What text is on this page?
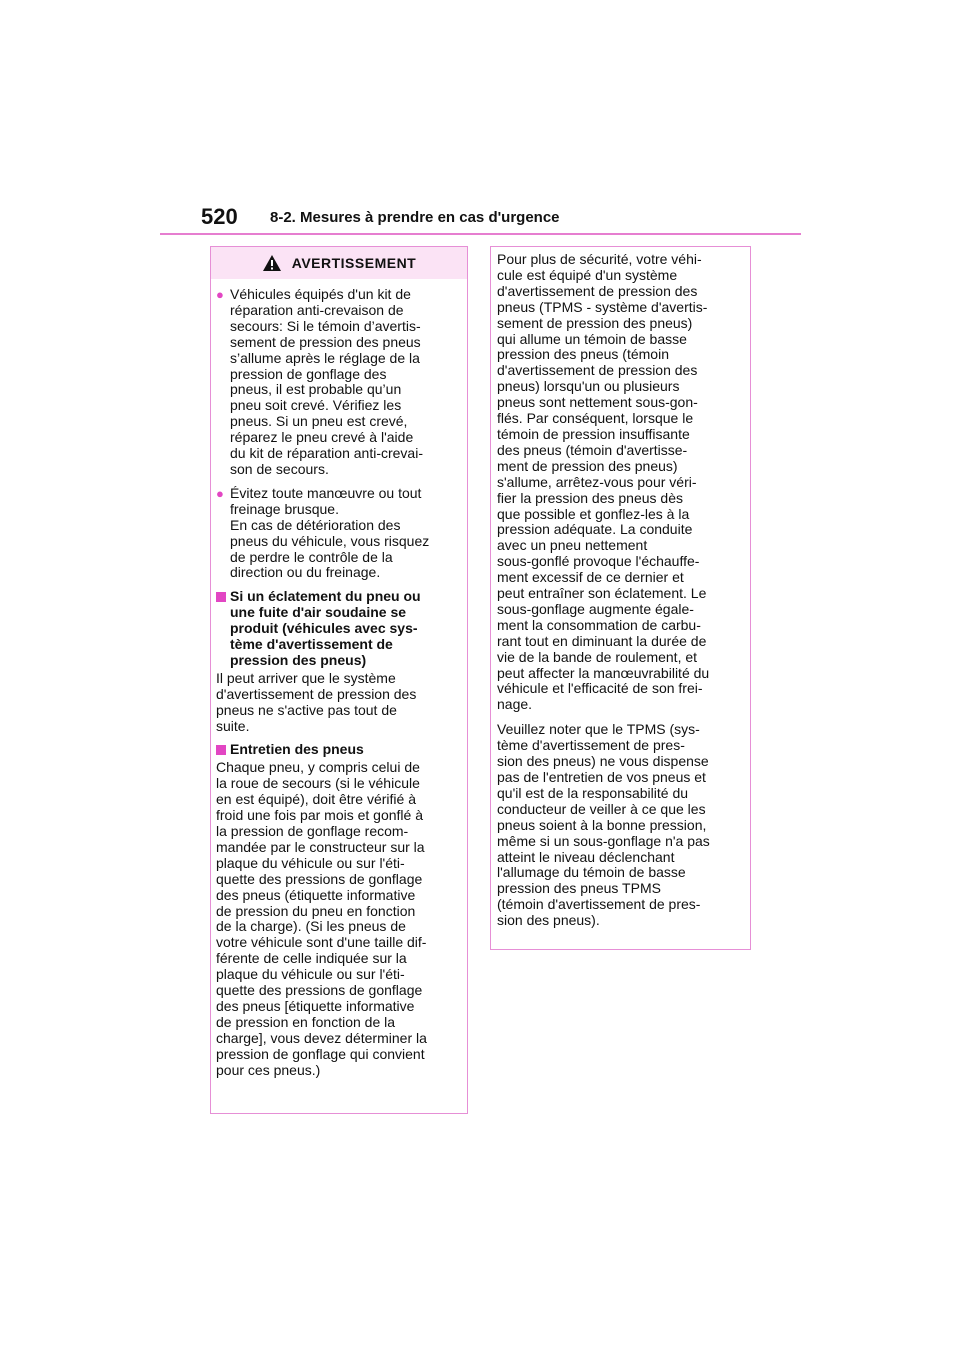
520 8-2. Mesures à prendre en cas d'urgence
AVERTISSEMENT
● Véhicules équipés d'un kit de
réparation anti-crevaison de
secours: Si le témoin d’avertis-
sement de pression des pneus
s’allume après le réglage de la
pression de gonflage des
pneus, il est probable qu’un
pneu soit crevé. Vérifiez les
pneus. Si un pneu est crevé,
réparez le pneu crevé à l'aide
du kit de réparation anti-crevai-
son de secours.
● Évitez toute manœuvre ou tout
freinage brusque.
En cas de détérioration des
pneus du véhicule, vous risquez
de perdre le contrôle de la
direction ou du freinage.
Si un éclatement du pneu ou
une fuite d'air soudaine se
produit (véhicules avec sys-
tème d'avertissement de
pression des pneus)
Il peut arriver que le système
d'avertissement de pression des
pneus ne s'active pas tout de
suite.
Entretien des pneus
Chaque pneu, y compris celui de
la roue de secours (si le véhicule
en est équipé), doit être vérifié à
froid une fois par mois et gonflé à
la pression de gonflage recom-
mandée par le constructeur sur la
plaque du véhicule ou sur l'éti-
quette des pressions de gonflage
des pneus (étiquette informative
de pression du pneu en fonction
de la charge). (Si les pneus de
votre véhicule sont d'une taille dif-
férente de celle indiquée sur la
plaque du véhicule ou sur l'éti-
quette des pressions de gonflage
des pneus [étiquette informative
de pression en fonction de la
charge], vous devez déterminer la
pression de gonflage qui convient
pour ces pneus.)

Pour plus de sécurité, votre véhi-
cule est équipé d'un système
d'avertissement de pression des
pneus (TPMS - système d'avertis-
sement de pression des pneus)
qui allume un témoin de basse
pression des pneus (témoin
d'avertissement de pression des
pneus) lorsqu'un ou plusieurs
pneus sont nettement sous-gon-
flés. Par conséquent, lorsque le
témoin de pression insuffisante
des pneus (témoin d'avertisse-
ment de pression des pneus)
s'allume, arrêtez-vous pour véri-
fier la pression des pneus dès
que possible et gonflez-les à la
pression adéquate. La conduite
avec un pneu nettement
sous-gonflé provoque l'échauffe-
ment excessif de ce dernier et
peut entraîner son éclatement. Le
sous-gonflage augmente égale-
ment la consommation de carbu-
rant tout en diminuant la durée de
vie de la bande de roulement, et
peut affecter la manœuvrabilité du
véhicule et l'efficacité de son frei-
nage.

Veuillez noter que le TPMS (sys-
tème d'avertissement de pres-
sion des pneus) ne vous dispense
pas de l'entretien de vos pneus et
qu'il est de la responsabilité du
conducteur de veiller à ce que les
pneus soient à la bonne pression,
même si un sous-gonflage n'a pas
atteint le niveau déclenchant
l'allumage du témoin de basse
pression des pneus TPMS
(témoin d'avertissement de pres-
sion des pneus).
